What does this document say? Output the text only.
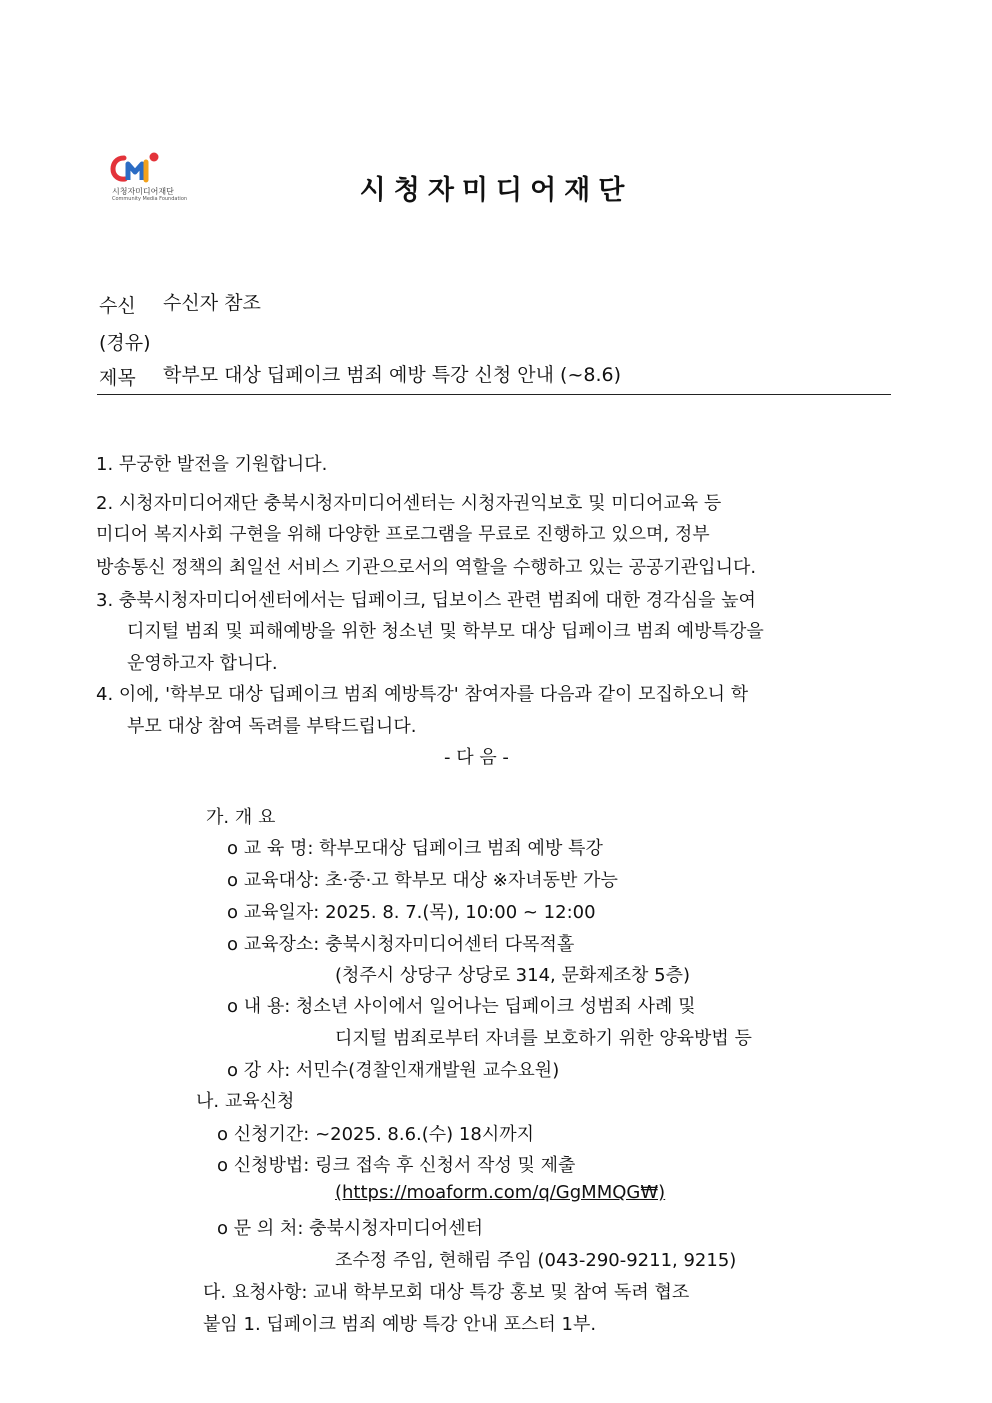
시청자미디어재단
Community Media Foundation	시청자미디어재단
수신 수신자 참조
(경유)
제목 학부모 대상 딥페이크 범죄 예방 특강 신청 안내 (~8.6)
1. 무궁한 발전을 기원합니다.
2. 시청자미디어재단 충북시청자미디어센터는 시청자권익보호 및 미디어교육 등
미디어 복지사회 구현을 위해 다양한 프로그램을 무료로 진행하고 있으며, 정부
방송통신 정책의 최일선 서비스 기관으로서의 역할을 수행하고 있는 공공기관입니다.
3. 충북시청자미디어센터에서는 딥페이크, 딥보이스 관련 범죄에 대한 경각심을 높여
디지털 범죄 및 피해예방을 위한 청소년 및 학부모 대상 딥페이크 범죄 예방특강을
운영하고자 합니다.
4. 이에, '학부모 대상 딥페이크 범죄 예방특강' 참여자를 다음과 같이 모집하오니 학
부모 대상 참여 독려를 부탁드립니다.
- 다 음 -
가. 개 요
o 교 육 명: 학부모대상 딥페이크 범죄 예방 특강
o 교육대상: 초·중·고 학부모 대상 ※자녀동반 가능
o 교육일자: 2025. 8. 7.(목), 10:00 ~ 12:00
o 교육장소: 충북시청자미디어센터 다목적홀
(청주시 상당구 상당로 314, 문화제조창 5층)
o 내 용: 청소년 사이에서 일어나는 딥페이크 성범죄 사례 및
디지털 범죄로부터 자녀를 보호하기 위한 양육방법 등
o 강 사: 서민수(경찰인재개발원 교수요원)
나. 교육신청
o 신청기간: ~2025. 8.6.(수) 18시까지
o 신청방법: 링크 접속 후 신청서 작성 및 제출
(https://moaform.com/q/GgMMQG₩)
o 문 의 처: 충북시청자미디어센터
조수정 주임, 현해림 주임 (043-290-9211, 9215)
다. 요청사항: 교내 학부모회 대상 특강 홍보 및 참여 독려 협조
붙임 1. 딥페이크 범죄 예방 특강 안내 포스터 1부.
